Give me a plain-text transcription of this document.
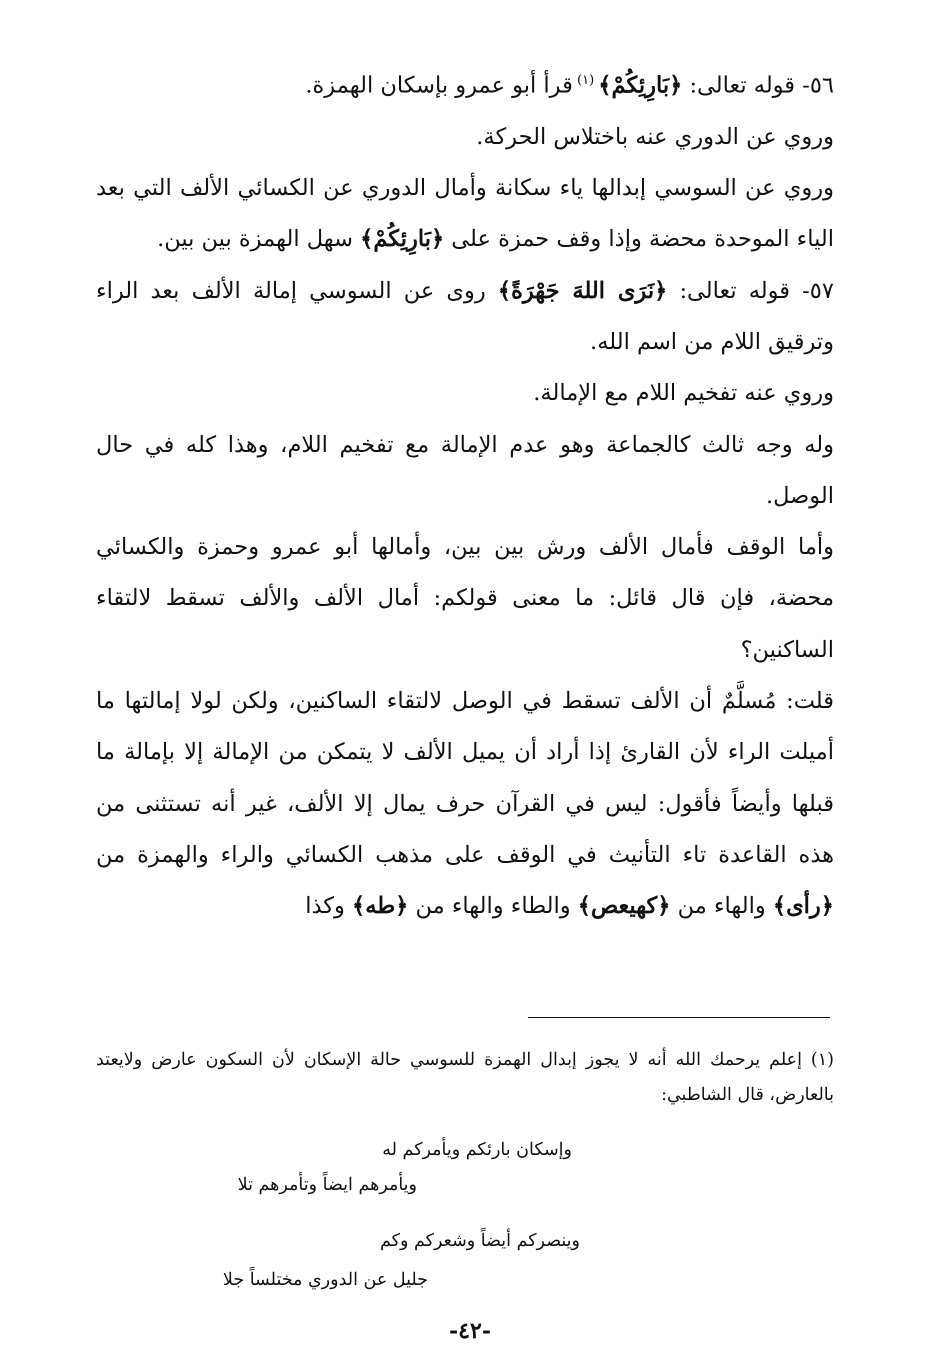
٥٦- قوله تعالى: ﴿بَارِئِكُمْ﴾ $^{(١)}$ قرأ أبو عمرو بإسكان الهمزة.

وروي عن الدوري عنه باختلاس الحركة.

وروي عن السوسي إبدالها ياء سكانة وأمال الدوري عن الكسائي الألف التي بعد الياء الموحدة محضة وإذا وقف حمزة على ﴿بَارِئِكُمْ﴾ سهل الهمزة بين بين.

٥٧- قوله تعالى: ﴿نَرَى اللهَ جَهْرَةً﴾ روى عن السوسي إمالة الألف بعد الراء وترقيق اللام من اسم الله.

وروي عنه تفخيم اللام مع الإمالة.

وله وجه ثالث كالجماعة وهو عدم الإمالة مع تفخيم اللام، وهذا كله في حال الوصل.

وأما الوقف فأمال الألف ورش بين بين، وأمالها أبو عمرو وحمزة والكسائي محضة، فإن قال قائل: ما معنى قولكم: أمال الألف والألف تسقط لالتقاء الساكنين؟

قلت: مُسلَّمٌ أن الألف تسقط في الوصل لالتقاء الساكنين، ولكن لولا إمالتها ما أميلت الراء لأن القارئ إذا أراد أن يميل الألف لا يتمكن من الإمالة إلا بإمالة ما قبلها وأيضاً فأقول: ليس في القرآن حرف يمال إلا الألف، غير أنه تستثنى من هذه القاعدة تاء التأنيث في الوقف على مذهب الكسائي والراء والهمزة من ﴿رأى﴾ والهاء من ﴿كهيعص﴾ والطاء والهاء من ﴿طه﴾ وكذا

(١) إعلم يرحمك الله أنه لا يجوز إبدال الهمزة للسوسي حالة الإسكان لأن السكون عارض ولايعتد بالعارض، قال الشاطبي:

وإسكان بارئكم ويأمركم له
ويأمرهم ايضاً وتأمرهم تلا
وينصركم أيضاً وشعركم وكم
جليل عن الدوري مختلساً جلا
-٤٢-
